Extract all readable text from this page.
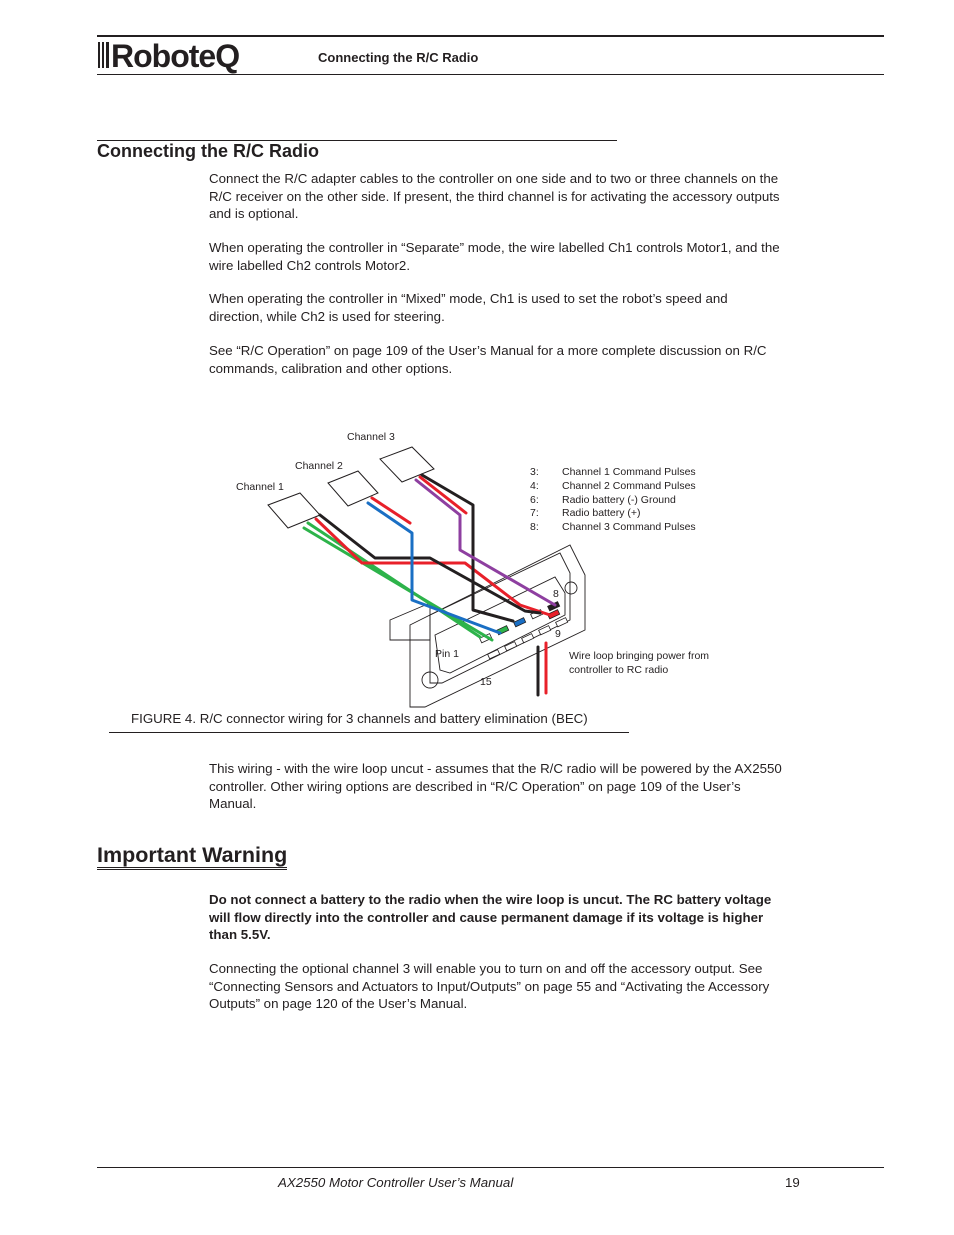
RoboteQ	Connecting the R/C Radio
Connecting the R/C Radio
Connect the R/C adapter cables to the controller on one side and to two or three channels on the R/C receiver on the other side. If present, the third channel is for activating the accessory outputs and is optional.
When operating the controller in “Separate” mode, the wire labelled Ch1 controls Motor1, and the wire labelled Ch2 controls Motor2.
When operating the controller in “Mixed” mode, Ch1 is used to set the robot’s speed and direction, while Ch2 is used for steering.
See “R/C Operation” on page 109 of the User’s Manual for a more complete discussion on R/C commands, calibration and other options.
Channel 1
Channel 2
Channel 3
3: Channel 1 Command Pulses
4: Channel 2 Command Pulses
6: Radio battery (-) Ground
7: Radio battery (+)
8: Channel 3 Command Pulses
8
9
Pin 1
15
Wire loop bringing power from
controller to RC radio
FIGURE 4. R/C connector wiring for 3 channels and battery elimination (BEC)
This wiring - with the wire loop uncut - assumes that the R/C radio will be powered by the AX2550 controller. Other wiring options are described in “R/C Operation” on page 109 of the User’s Manual.
Important Warning
Do not connect a battery to the radio when the wire loop is uncut. The RC battery voltage will flow directly into the controller and cause permanent damage if its voltage is higher than 5.5V.
Connecting the optional channel 3 will enable you to turn on and off the accessory output. See “Connecting Sensors and Actuators to Input/Outputs” on page 55 and “Activating the Accessory Outputs” on page 120 of the User’s Manual.
AX2550 Motor Controller User’s Manual	19
